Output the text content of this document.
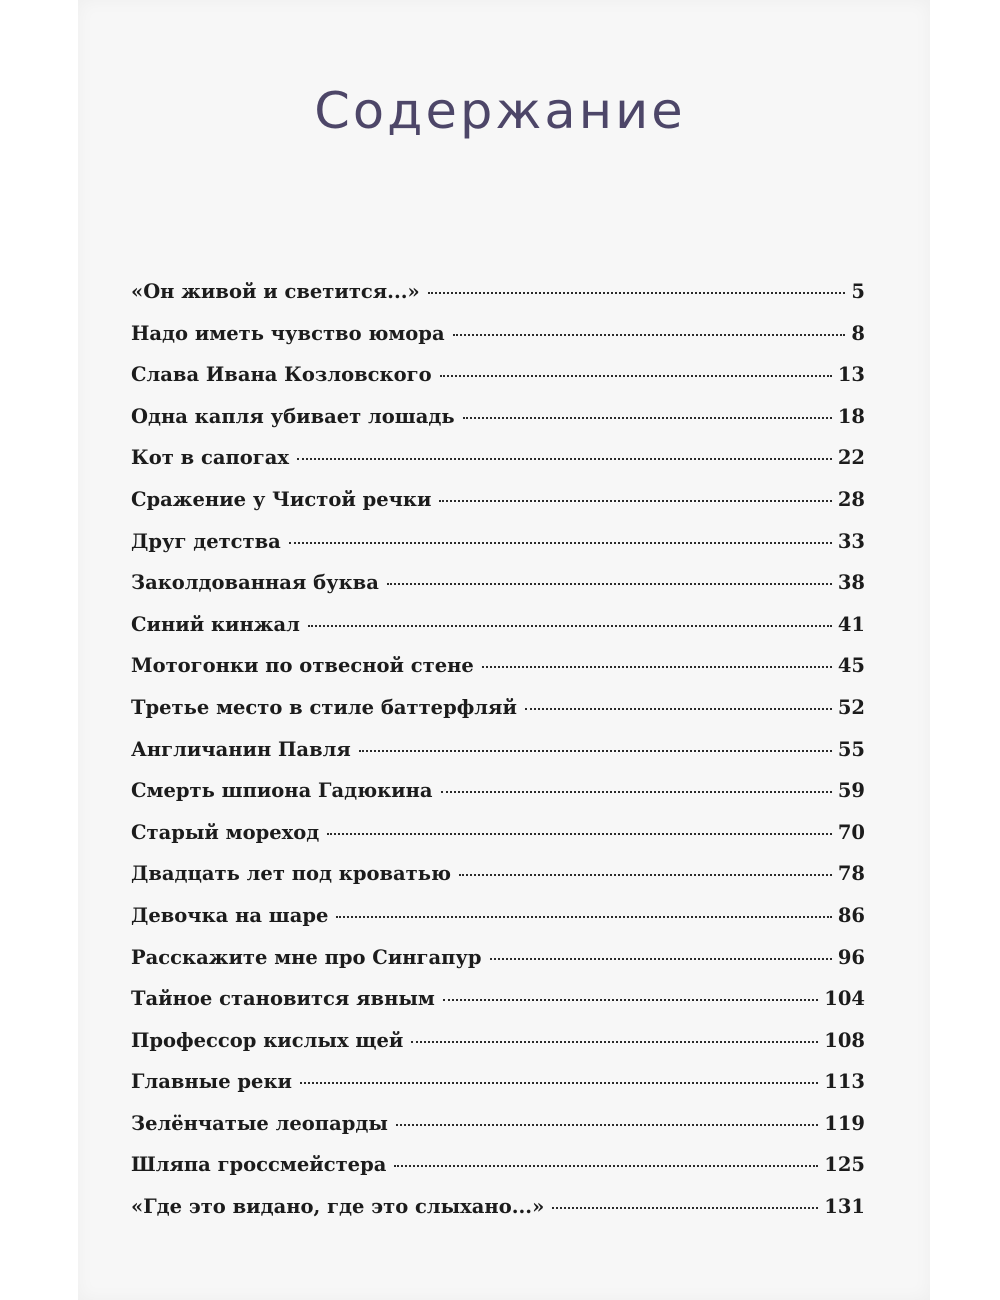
Содержание
«Он живой и светится...»	5
Надо иметь чувство юмора	8
Слава Ивана Козловского	13
Одна капля убивает лошадь	18
Кот в сапогах	22
Сражение у Чистой речки	28
Друг детства	33
Заколдованная буква	38
Синий кинжал	41
Мотогонки по отвесной стене	45
Третье место в стиле баттерфляй	52
Англичанин Павля	55
Смерть шпиона Гадюкина	59
Старый мореход	70
Двадцать лет под кроватью	78
Девочка на шаре	86
Расскажите мне про Сингапур	96
Тайное становится явным	104
Профессор кислых щей	108
Главные реки	113
Зелёнчатые леопарды	119
Шляпа гроссмейстера	125
«Где это видано, где это слыхано...»	131
